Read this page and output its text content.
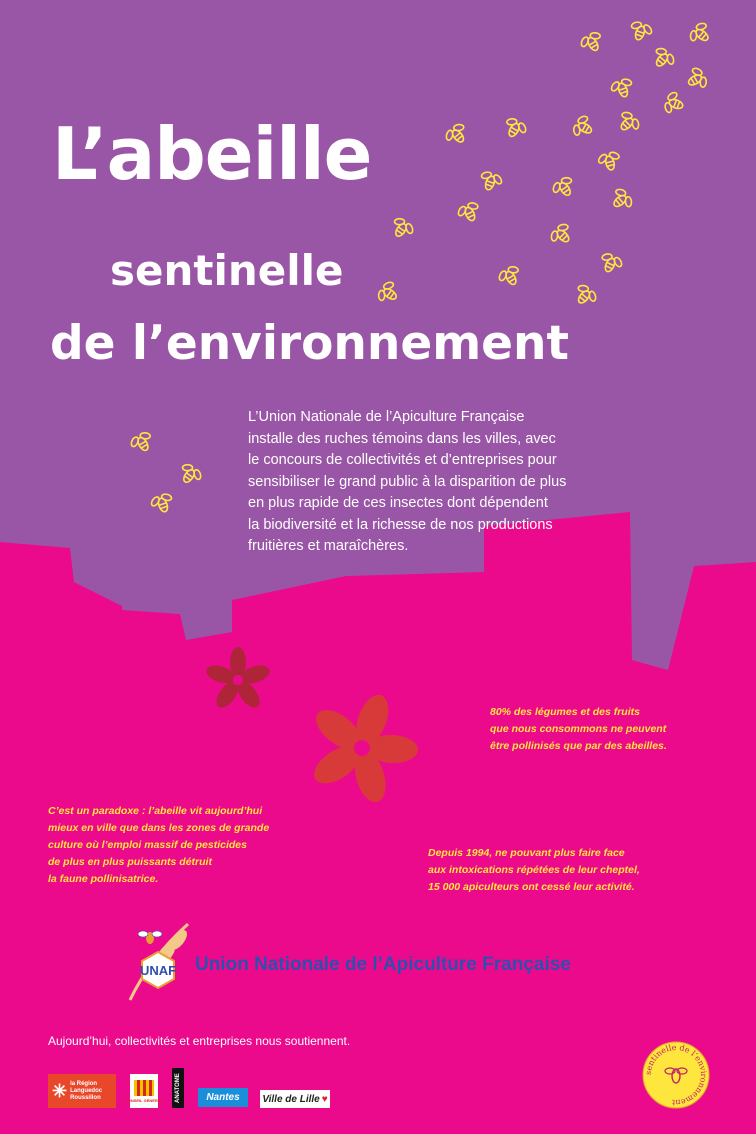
L’abeille
sentinelle
de l’environnement
L’Union Nationale de l’Apiculture Française
installe des ruches témoins dans les villes, avec
le concours de collectivités et d’entreprises pour
sensibiliser le grand public à la disparition de plus
en plus rapide de ces insectes dont dépendent
la biodiversité et la richesse de nos productions
fruitières et maraîchères.
80% des légumes et des fruits
que nous consommons ne peuvent
être pollinisés que par des abeilles.
C’est un paradoxe : l’abeille vit aujourd’hui
mieux en ville que dans les zones de grande
culture où l’emploi massif de pesticides
de plus en plus puissants détruit
la faune pollinisatrice.
Depuis 1994, ne pouvant plus faire face
aux intoxications répétées de leur cheptel,
15 000 apiculteurs ont cessé leur activité.
UNAF Union Nationale de l’Apiculture Française
Aujourd’hui, collectivités et entreprises nous soutiennent.
✳ la Région
Languedoc
Roussillon	CONSEIL GÉNÉRAL	ANATOME	Nantes	Ville de Lille ♥
sentinelle de l’environnement
